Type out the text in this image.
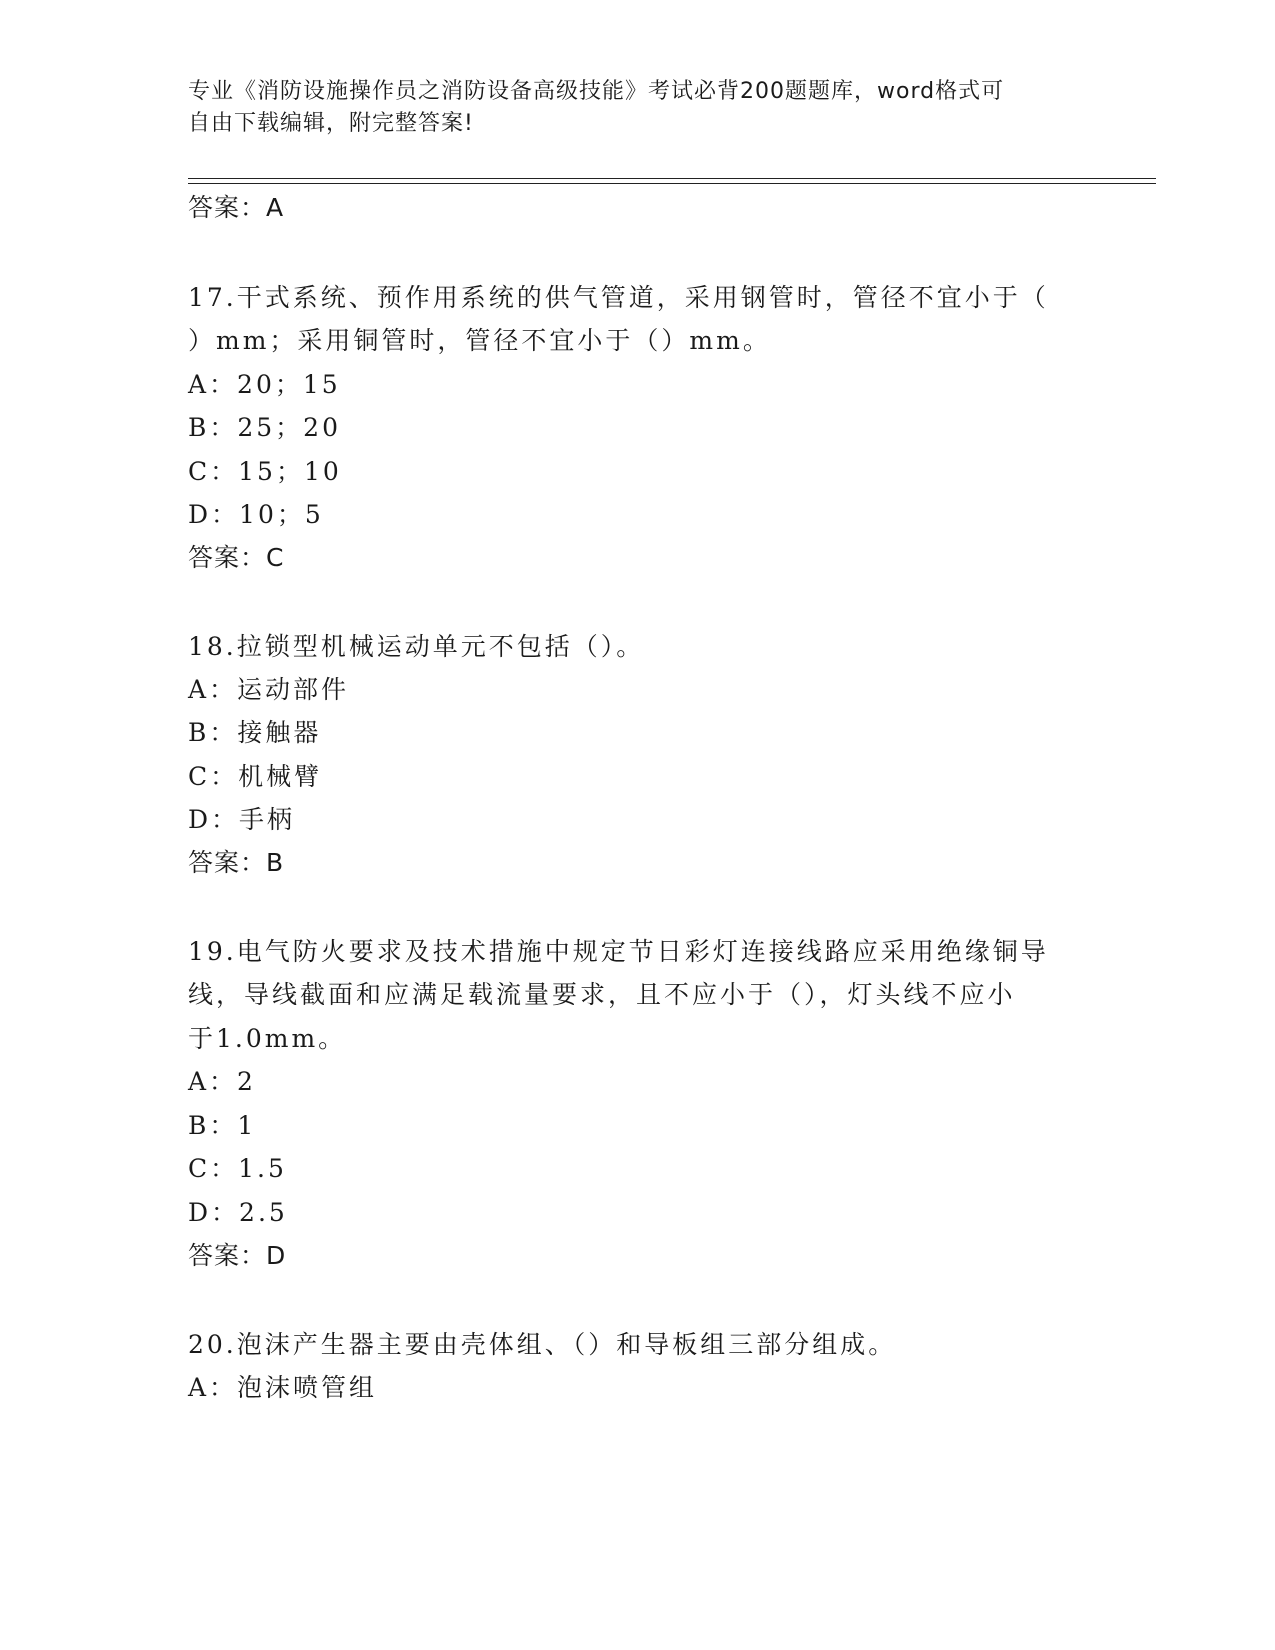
专业《消防设施操作员之消防设备高级技能》考试必背200题题库，word格式可
自由下载编辑，附完整答案!
答案：A
17.干式系统、预作用系统的供气管道，采用钢管时，管径不宜小于（
）mm；采用铜管时，管径不宜小于（）mm。
A：20；15
B：25；20
C：15；10
D：10；5
答案：C
18.拉锁型机械运动单元不包括（）。
A：运动部件
B：接触器
C：机械臂
D：手柄
答案：B
19.电气防火要求及技术措施中规定节日彩灯连接线路应采用绝缘铜导
线，导线截面和应满足载流量要求，且不应小于（），灯头线不应小
于1.0mm。
A：2
B：1
C：1.5
D：2.5
答案：D
20.泡沫产生器主要由壳体组、（）和导板组三部分组成。
A：泡沫喷管组
